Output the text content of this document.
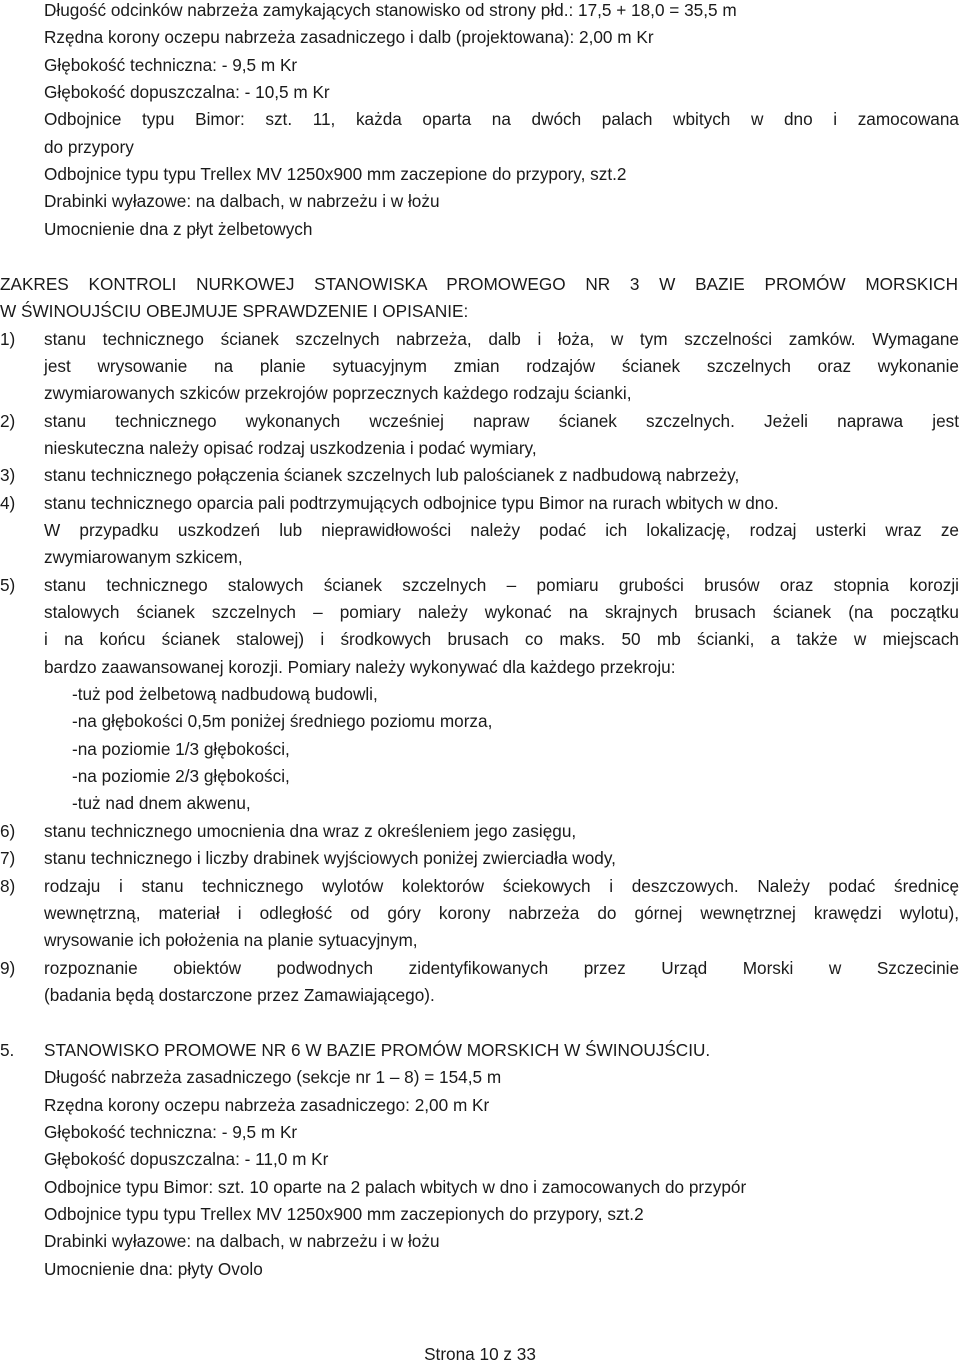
Długość odcinków nabrzeża zamykających stanowisko od strony płd.: 17,5 + 18,0 = 35,5 m
Rzędna korony oczepu nabrzeża zasadniczego i dalb (projektowana): 2,00 m Kr
Głębokość techniczna: - 9,5 m Kr
Głębokość dopuszczalna: - 10,5 m Kr
Odbojnice typu Bimor: szt. 11, każda oparta na dwóch palach wbitych w dno i zamocowana
do przypory
Odbojnice typu typu Trellex MV 1250x900 mm zaczepione do przypory, szt.2
Drabinki wyłazowe: na dalbach, w nabrzeżu i w łożu
Umocnienie dna z płyt żelbetowych
ZAKRES KONTROLI NURKOWEJ STANOWISKA PROMOWEGO NR 3 W BAZIE PROMÓW MORSKICH
W ŚWINOUJŚCIU OBEJMUJE SPRAWDZENIE I OPISANIE:
1) stanu technicznego ścianek szczelnych nabrzeża, dalb i łoża, w tym szczelności zamków. Wymagane
jest wrysowanie na planie sytuacyjnym zmian rodzajów ścianek szczelnych oraz wykonanie
zwymiarowanych szkiców przekrojów poprzecznych każdego rodzaju ścianki,
2) stanu technicznego wykonanych wcześniej napraw ścianek szczelnych. Jeżeli naprawa jest
nieskuteczna należy opisać rodzaj uszkodzenia i podać wymiary,
3) stanu technicznego połączenia ścianek szczelnych lub palościanek z nadbudową nabrzeży,
4) stanu technicznego oparcia pali podtrzymujących odbojnice typu Bimor na rurach wbitych w dno.
W przypadku uszkodzeń lub nieprawidłowości należy podać ich lokalizację, rodzaj usterki wraz ze
zwymiarowanym szkicem,
5) stanu technicznego stalowych ścianek szczelnych – pomiaru grubości brusów oraz stopnia korozji
stalowych ścianek szczelnych – pomiary należy wykonać na skrajnych brusach ścianek (na początku
i na końcu ścianek stalowej) i środkowych brusach co maks. 50 mb ścianki, a także w miejscach
bardzo zaawansowanej korozji. Pomiary należy wykonywać dla każdego przekroju:
-tuż pod żelbetową nadbudową budowli,
-na głębokości 0,5m poniżej średniego poziomu morza,
-na poziomie 1/3 głębokości,
-na poziomie 2/3 głębokości,
-tuż nad dnem akwenu,
6) stanu technicznego umocnienia dna wraz z określeniem jego zasięgu,
7) stanu technicznego i liczby drabinek wyjściowych poniżej zwierciadła wody,
8) rodzaju i stanu technicznego wylotów kolektorów ściekowych i deszczowych. Należy podać średnicę
wewnętrzną, materiał i odległość od góry korony nabrzeża do górnej wewnętrznej krawędzi wylotu),
wrysowanie ich położenia na planie sytuacyjnym,
9) rozpoznanie obiektów podwodnych zidentyfikowanych przez Urząd Morski w Szczecinie
(badania będą dostarczone przez Zamawiającego).
5. STANOWISKO PROMOWE NR 6 W BAZIE PROMÓW MORSKICH W ŚWINOUJŚCIU.
Długość nabrzeża zasadniczego (sekcje nr 1 – 8) = 154,5 m
Rzędna korony oczepu nabrzeża zasadniczego: 2,00 m Kr
Głębokość techniczna: - 9,5 m Kr
Głębokość dopuszczalna: - 11,0 m Kr
Odbojnice typu Bimor: szt. 10 oparte na 2 palach wbitych w dno i zamocowanych do przypór
Odbojnice typu typu Trellex MV 1250x900 mm zaczepionych do przypory, szt.2
Drabinki wyłazowe: na dalbach, w nabrzeżu i w łożu
Umocnienie dna: płyty Ovolo
Strona 10 z 33
